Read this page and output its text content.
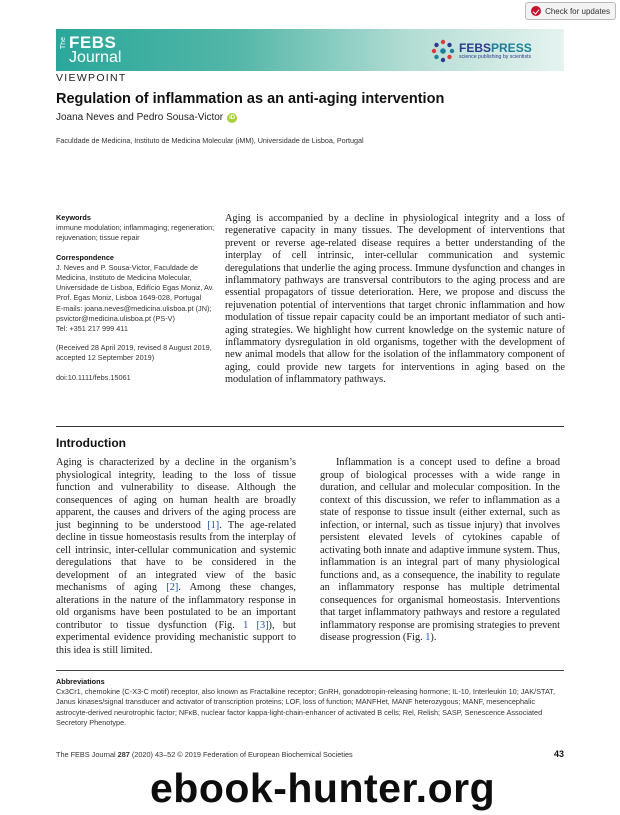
Check for updates
The FEBS
Journal
FEBSPRESS
science publishing by scientists
VIEWPOINT
Regulation of inflammation as an anti-aging intervention
Joana Neves and Pedro Sousa-Victor	iD
Faculdade de Medicina, Instituto de Medicina Molecular (iMM), Universidade de Lisboa, Portugal

Keywords

immune modulation; inflammaging; regeneration; rejuvenation; tissue repair

Correspondence

J. Neves and P. Sousa-Victor, Faculdade de Medicina, Instituto de Medicina Molecular, Universidade de Lisboa, Edifício Egas Moniz, Av. Prof. Egas Moniz, Lisboa 1649-028, Portugal

E-mails: joana.neves@medicina.ulisboa.pt (JN); psvictor@medicina.ulisboa.pt (PS-V)

Tel: +351 217 999 411

(Received 28 April 2019, revised 8 August 2019, accepted 12 September 2019)

doi:10.1111/febs.15061

Aging is accompanied by a decline in physiological integrity and a loss of regenerative capacity in many tissues. The development of interventions that prevent or reverse age-related disease requires a better understanding of the interplay of cell intrinsic, inter-cellular communication and systemic deregulations that underlie the aging process. Immune dysfunction and changes in inflammatory pathways are transversal contributors to the aging process and are essential propagators of tissue deterioration. Here, we propose and discuss the rejuvenation potential of interventions that target chronic inflammation and how modulation of tissue repair capacity could be an important mediator of such anti-aging strategies. We highlight how current knowledge on the systemic nature of inflammatory dysregulation in old organisms, together with the development of new animal models that allow for the isolation of the inflammatory component of aging, could provide new targets for interventions in aging based on the modulation of inflammatory pathways.

Introduction

Aging is characterized by a decline in the organism’s physiological integrity, leading to the loss of tissue function and vulnerability to disease. Although the consequences of aging on human health are broadly apparent, the causes and drivers of the aging process are just beginning to be understood [1]. The age-related decline in tissue homeostasis results from the interplay of cell intrinsic, inter-cellular communication and systemic deregulations that have to be considered in the development of an integrated view of the basic mechanisms of aging [2]. Among these changes, alterations in the nature of the inflammatory response in old organisms have been postulated to be an important contributor to tissue dysfunction (Fig. 1 [3]), but experimental evidence providing mechanistic support to this idea is still limited.

Inflammation is a concept used to define a broad group of biological processes with a wide range in duration, and cellular and molecular composition. In the context of this discussion, we refer to inflammation as a state of response to tissue insult (either external, such as infection, or internal, such as tissue injury) that involves persistent elevated levels of cytokines capable of activating both innate and adaptive immune system. Thus, inflammation is an integral part of many physiological functions and, as a consequence, the inability to regulate an inflammatory response has multiple detrimental consequences for organismal homeostasis. Interventions that target inflammatory pathways and restore a regulated inflammatory response are promising strategies to prevent disease progression (Fig. 1).

Abbreviations

Cx3Cr1, chemokine (C-X3-C motif) receptor, also known as Fractalkine receptor; GnRH, gonadotropin-releasing hormone; IL-10, Interleukin 10; JAK/STAT, Janus kinases/signal transducer and activator of transcription proteins; LOF, loss of function; MANFHet, MANF heterozygous; MANF, mesencephalic astrocyte-derived neurotrophic factor; NFκB, nuclear factor kappa-light-chain-enhancer of activated B cells; Rel, Relish; SASP, Senescence Associated Secretory Phenotype.

The FEBS Journal 287 (2020) 43–52 © 2019 Federation of European Biochemical Societies	43
ebook-hunter.org
